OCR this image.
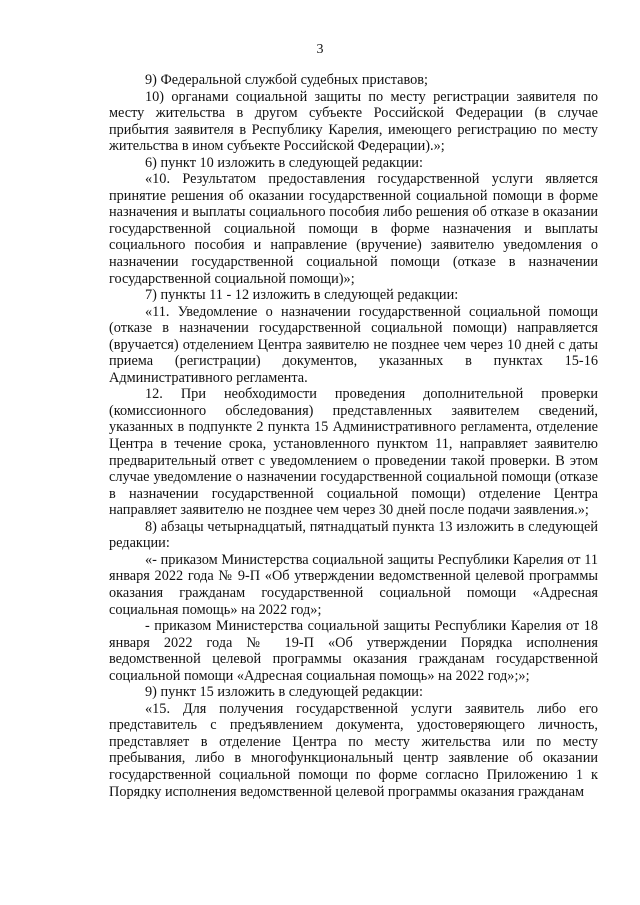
3

9) Федеральной службой судебных приставов;

10) органами социальной защиты по месту регистрации заявителя по месту жительства в другом субъекте Российской Федерации (в случае прибытия заявителя в Республику Карелия, имеющего регистрацию по месту жительства в ином субъекте Российской Федерации).»;

6) пункт 10 изложить в следующей редакции:

«10. Результатом предоставления государственной услуги является принятие решения об оказании государственной социальной помощи в форме назначения и выплаты социального пособия либо решения об отказе в оказании государственной социальной помощи в форме назначения и выплаты социального пособия и направление (вручение) заявителю уведомления о назначении государственной социальной помощи (отказе в назначении государственной социальной помощи)»;

7) пункты 11 - 12 изложить в следующей редакции:

«11. Уведомление о назначении государственной социальной помощи (отказе в назначении государственной социальной помощи) направляется (вручается) отделением Центра заявителю не позднее чем через 10 дней с даты приема (регистрации) документов, указанных в пунктах 15-16 Административного регламента.

12. При необходимости проведения дополнительной проверки (комиссионного обследования) представленных заявителем сведений, указанных в подпункте 2 пункта 15 Административного регламента, отделение Центра в течение срока, установленного пунктом 11, направляет заявителю предварительный ответ с уведомлением о проведении такой проверки. В этом случае уведомление о назначении государственной социальной помощи (отказе в назначении государственной социальной помощи) отделение Центра направляет заявителю не позднее чем через 30 дней после подачи заявления.»;

8) абзацы четырнадцатый, пятнадцатый пункта 13 изложить в следующей редакции:

«- приказом Министерства социальной защиты Республики Карелия от 11 января 2022 года № 9-П «Об утверждении ведомственной целевой программы оказания гражданам государственной социальной помощи «Адресная социальная помощь» на 2022 год»;

- приказом Министерства социальной защиты Республики Карелия от 18 января 2022 года № 19-П «Об утверждении Порядка исполнения ведомственной целевой программы оказания гражданам государственной социальной помощи «Адресная социальная помощь» на 2022 год»;»;

9) пункт 15 изложить в следующей редакции:

«15. Для получения государственной услуги заявитель либо его представитель с предъявлением документа, удостоверяющего личность, представляет в отделение Центра по месту жительства или по месту пребывания, либо в многофункциональный центр заявление об оказании государственной социальной помощи по форме согласно Приложению 1 к Порядку исполнения ведомственной целевой программы оказания гражданам
